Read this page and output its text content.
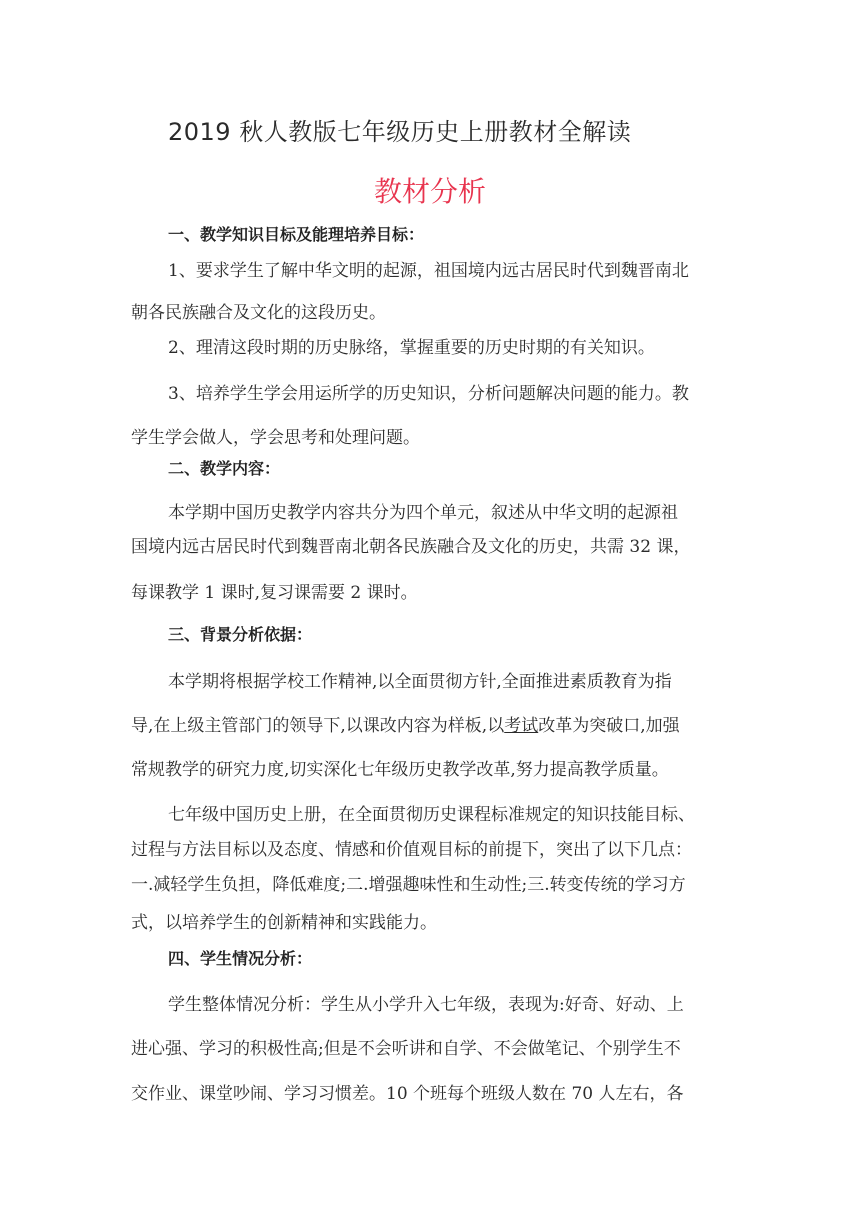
2019 秋人教版七年级历史上册教材全解读
教材分析
一、教学知识目标及能理培养目标：
1、要求学生了解中华文明的起源，祖国境内远古居民时代到魏晋南北
朝各民族融合及文化的这段历史。
2、理清这段时期的历史脉络，掌握重要的历史时期的有关知识。
3、培养学生学会用运所学的历史知识，分析问题解决问题的能力。教
学生学会做人，学会思考和处理问题。
二、教学内容：
本学期中国历史教学内容共分为四个单元，叙述从中华文明的起源祖
国境内远古居民时代到魏晋南北朝各民族融合及文化的历史，共需 32 课，
每课教学 1 课时,复习课需要 2 课时。
三、背景分析依据：
本学期将根据学校工作精神,以全面贯彻方针,全面推进素质教育为指
导,在上级主管部门的领导下,以课改内容为样板,以考试改革为突破口,加强
常规教学的研究力度,切实深化七年级历史教学改革,努力提高教学质量。
七年级中国历史上册，在全面贯彻历史课程标准规定的知识技能目标、
过程与方法目标以及态度、情感和价值观目标的前提下，突出了以下几点：
一.减轻学生负担，降低难度;二.增强趣味性和生动性;三.转变传统的学习方
式，以培养学生的创新精神和实践能力。
四、学生情况分析：
学生整体情况分析：学生从小学升入七年级，表现为:好奇、好动、上
进心强、学习的积极性高;但是不会听讲和自学、不会做笔记、个别学生不
交作业、课堂吵闹、学习习惯差。10 个班每个班级人数在 70 人左右，各
